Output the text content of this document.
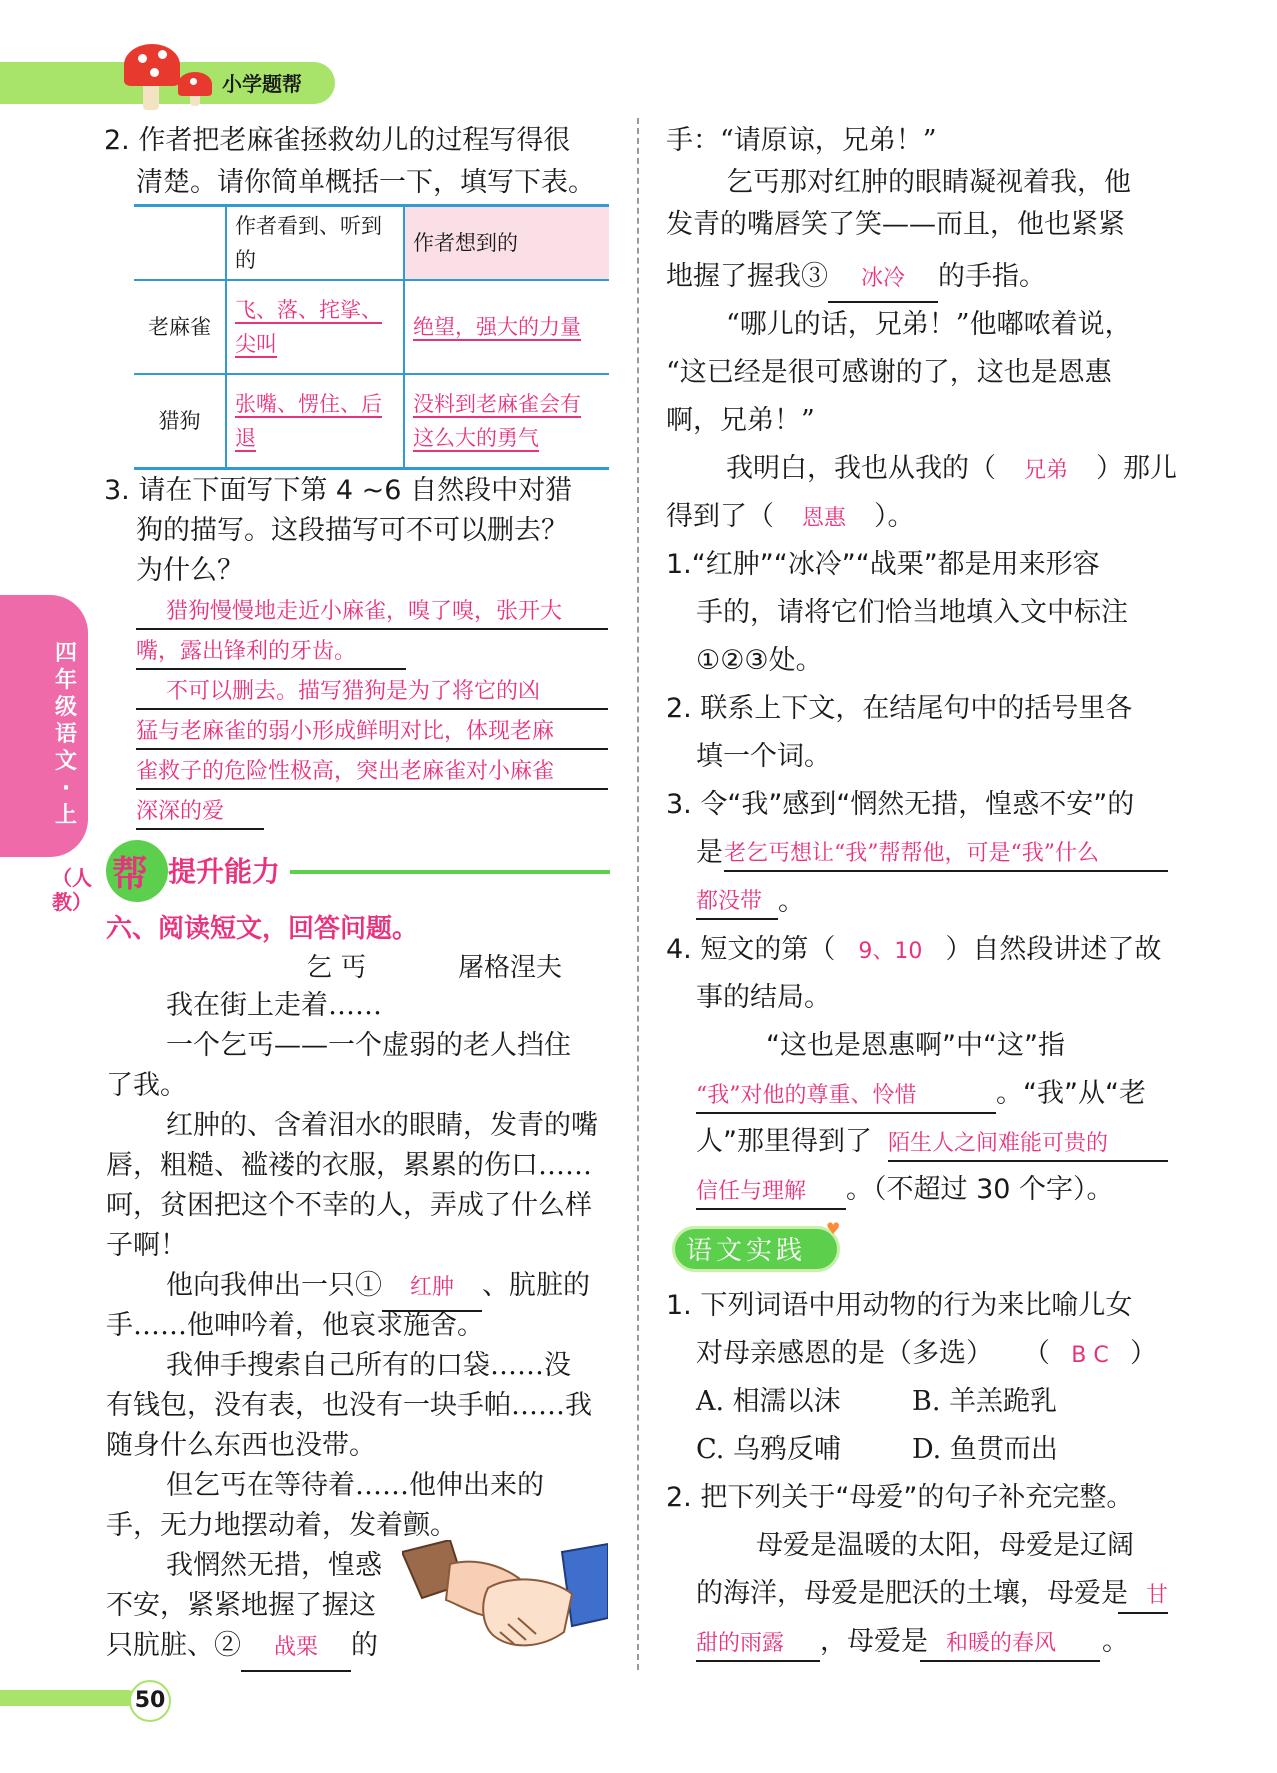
小学题帮
四年级语文·上
（人教）
2. 作者把老麻雀拯救幼儿的过程写得很
清楚。请你简单概括一下，填写下表。
	作者看到、听到的	作者想到的
老麻雀	飞、落、挓挲、尖叫	绝望，强大的力量
猎狗	张嘴、愣住、后退	没料到老麻雀会有这么大的勇气
3. 请在下面写下第 4 ~6 自然段中对猎
狗的描写。这段描写可不可以删去？
为什么？
猎狗慢慢地走近小麻雀，嗅了嗅，张开大
嘴，露出锋利的牙齿。
不可以删去。描写猎狗是为了将它的凶
猛与老麻雀的弱小形成鲜明对比，体现老麻
雀救子的危险性极高，突出老麻雀对小麻雀
深深的爱
帮 提升能力
六、阅读短文，回答问题。
乞 丐	屠格涅夫
我在街上走着……
一个乞丐——一个虚弱的老人挡住
了我。
红肿的、含着泪水的眼睛，发青的嘴
唇，粗糙、褴褛的衣服，累累的伤口……
呵，贫困把这个不幸的人，弄成了什么样
子啊！
他向我伸出一只① 红肿 、肮脏的
手……他呻吟着，他哀求施舍。
我伸手搜索自己所有的口袋……没
有钱包，没有表，也没有一块手帕……我
随身什么东西也没带。
但乞丐在等待着……他伸出来的
手，无力地摆动着，发着颤。
我惘然无措，惶惑
不安，紧紧地握了握这
只肮脏、② 战栗 的
手：“请原谅，兄弟！”
乞丐那对红肿的眼睛凝视着我，他
发青的嘴唇笑了笑——而且，他也紧紧
地握了握我③ 冰冷 的手指。
“哪儿的话，兄弟！”他嘟哝着说，
“这已经是很可感谢的了，这也是恩惠
啊，兄弟！”
我明白，我也从我的（ 兄弟 ）那儿
得到了（ 恩惠 ）。
1.“红肿”“冰冷”“战栗”都是用来形容
手的，请将它们恰当地填入文中标注
①②③处。
2. 联系上下文，在结尾句中的括号里各
填一个词。
3. 令“我”感到“惘然无措，惶惑不安”的
是 老乞丐想让“我”帮帮他，可是“我”什么
都没带 。
4. 短文的第（ 9、10 ）自然段讲述了故
事的结局。
“这也是恩惠啊”中“这”指
“我”对他的尊重、怜惜	。“我”从“老
人”那里得到了 陌生人之间难能可贵的
信任与理解	。（不超过 30 个字）。
语文实践
♥
1. 下列词语中用动物的行为来比喻儿女
对母亲感恩的是（多选） （ B C ）
A. 相濡以沫	B. 羊羔跪乳
C. 乌鸦反哺	D. 鱼贯而出
2. 把下列关于“母爱”的句子补充完整。
母爱是温暖的太阳，母爱是辽阔
的海洋，母爱是肥沃的土壤，母爱是 甘
甜的雨露	，母爱是 和暖的春风	。
50
